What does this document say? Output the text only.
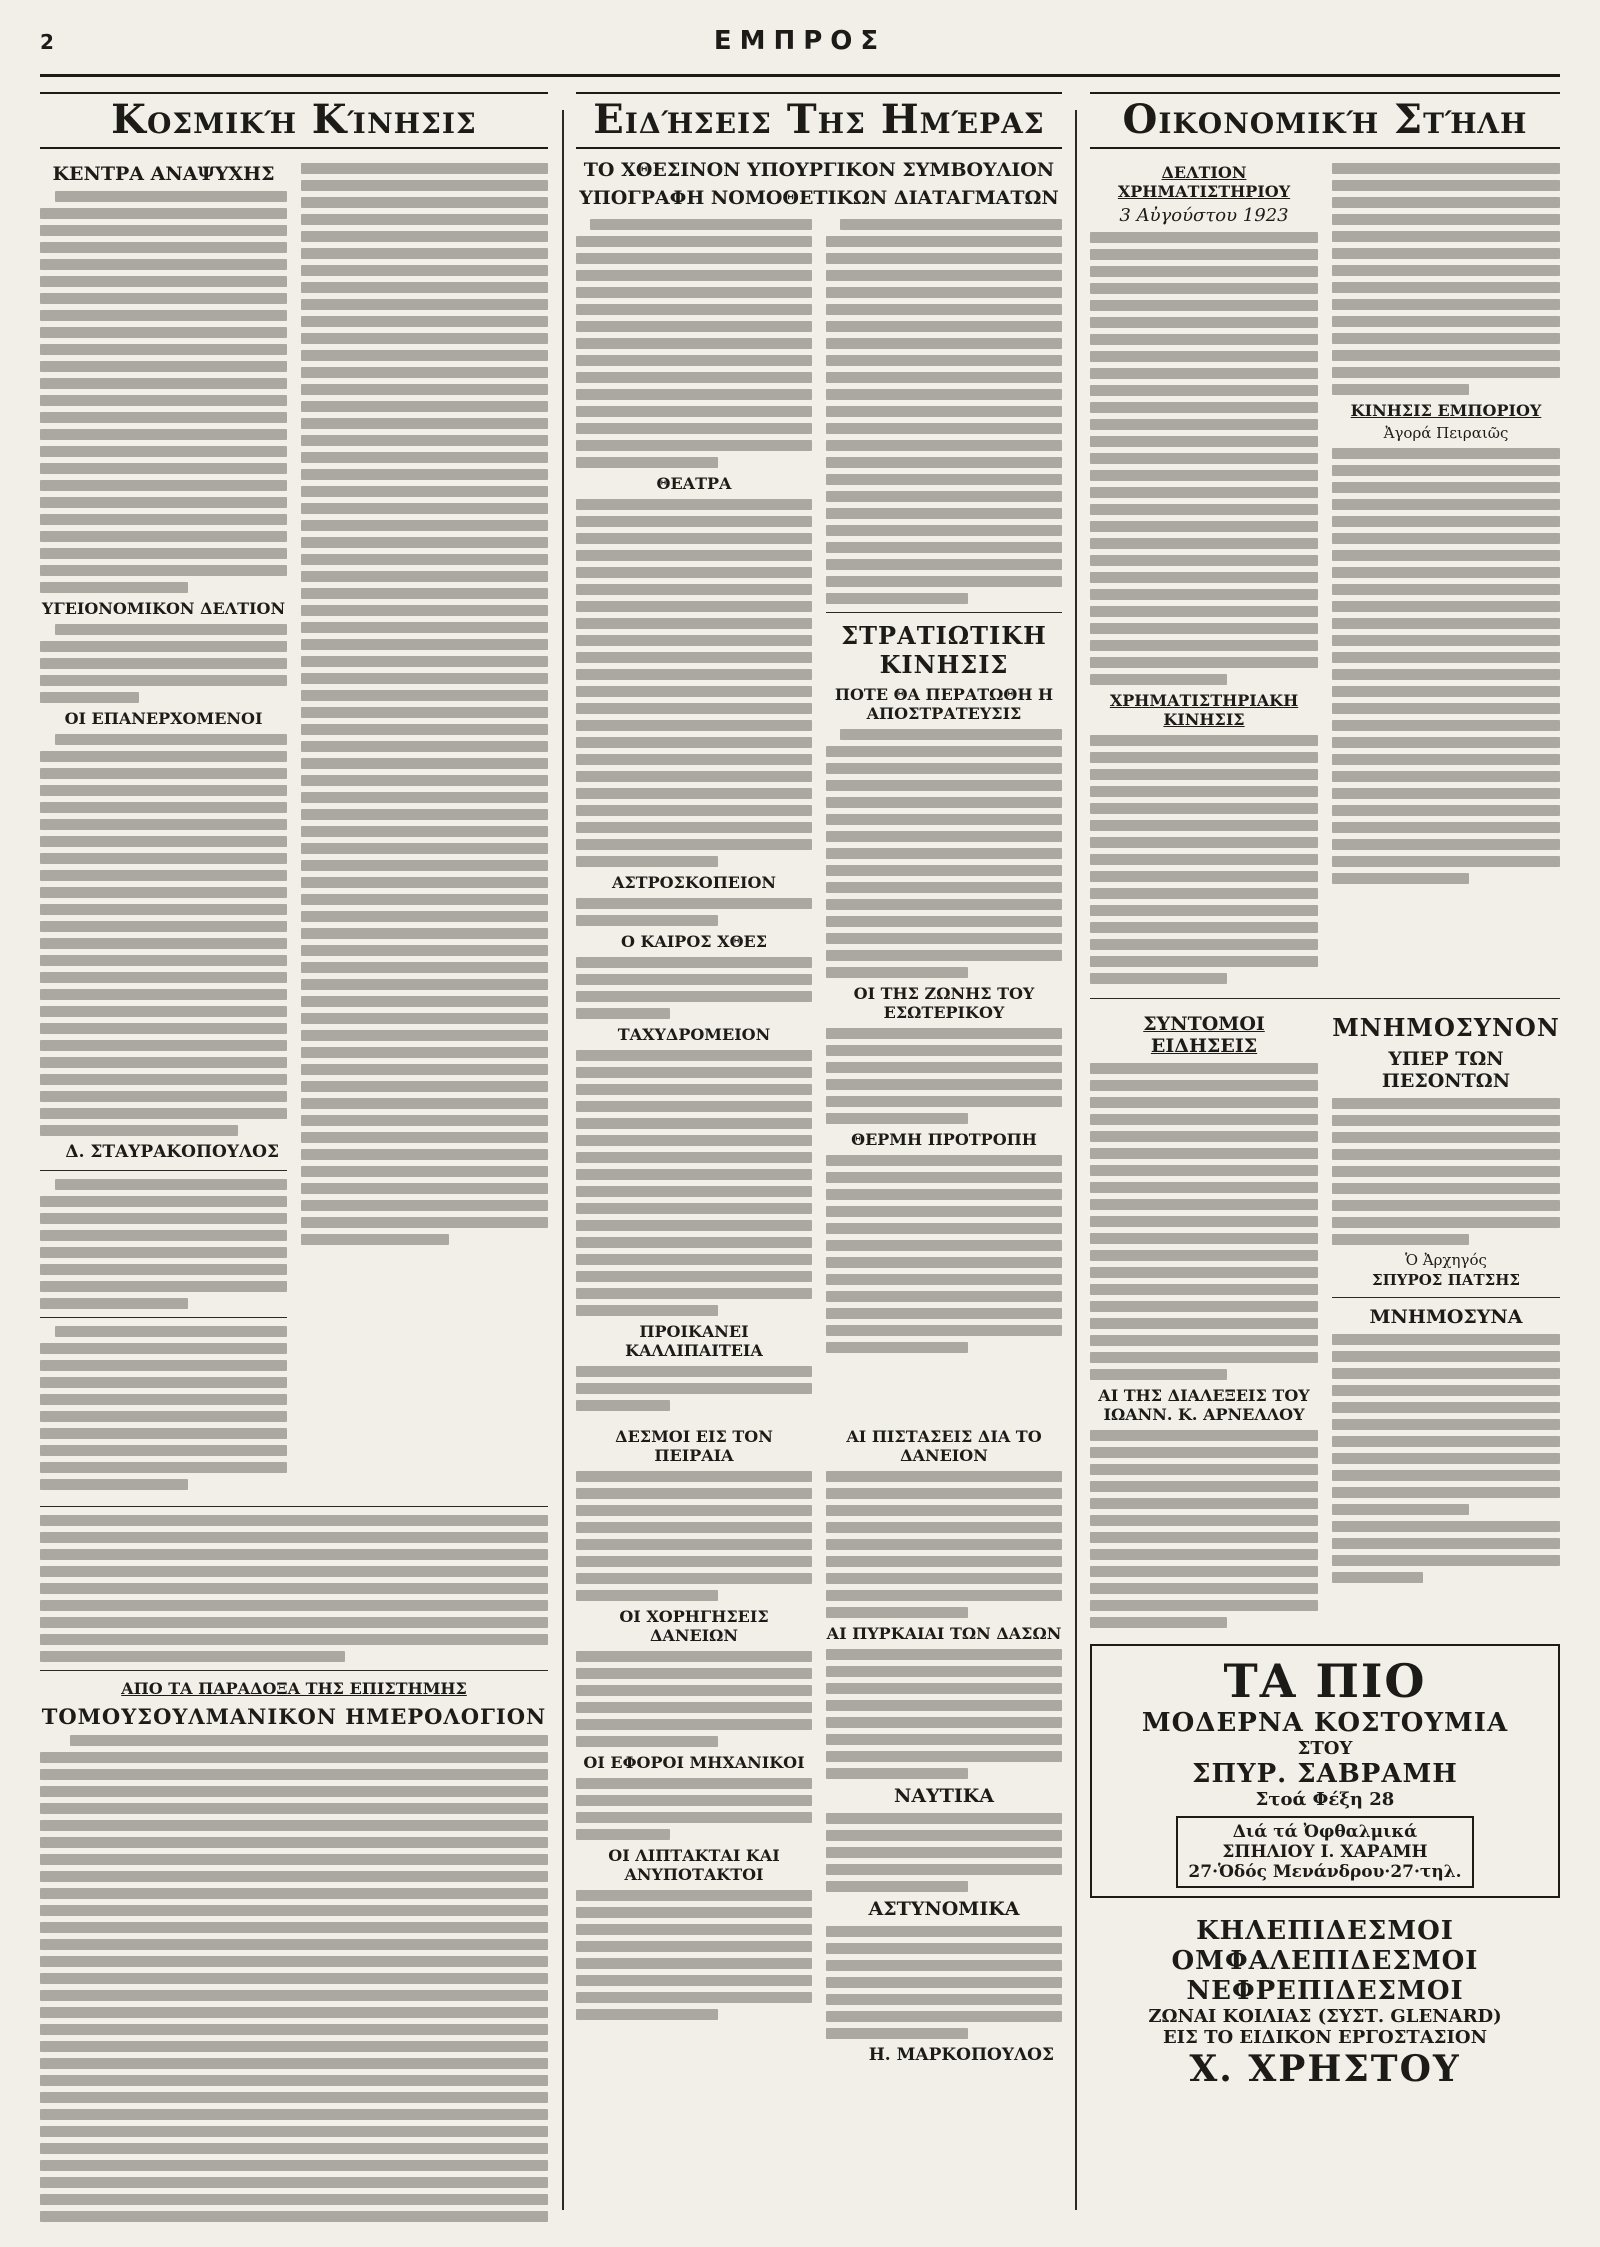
2	ΕΜΠΡΟΣ
Κοσμική Κίνησις
ΚΕΝΤΡΑ ΑΝΑΨΥΧΗΣ
ΥΓΕΙΟΝΟΜΙΚΟΝ ΔΕΛΤΙΟΝ
ΟΙ ΕΠΑΝΕΡΧΟΜΕΝΟΙ
Δ. ΣΤΑΥΡΑΚΟΠΟΥΛΟΣ
ΑΠΟ ΤΑ ΠΑΡΑΔΟΞΑ ΤΗΣ ΕΠΙΣΤΗΜΗΣ
ΤΟΜΟΥΣΟΥΛΜΑΝΙΚΟΝ ΗΜΕΡΟΛΟΓΙΟΝ
Ειδήσεις Της Ημέρας
ΤΟ ΧΘΕΣΙΝΟΝ ΥΠΟΥΡΓΙΚΟΝ ΣΥΜΒΟΥΛΙΟΝ
ΥΠΟΓΡΑΦΗ ΝΟΜΟΘΕΤΙΚΩΝ ΔΙΑΤΑΓΜΑΤΩΝ
ΘΕΑΤΡΑ
ΑΣΤΡΟΣΚΟΠΕΙΟΝ
Ο ΚΑΙΡΟΣ ΧΘΕΣ
ΤΑΧΥΔΡΟΜΕΙΟΝ
ΠΡΟΙΚΑΝΕΙ ΚΑΛΛΙΠΑΙΤΕΙΑ
ΣΤΡΑΤΙΩΤΙΚΗ ΚΙΝΗΣΙΣ
ΠΟΤΕ ΘΑ ΠΕΡΑΤΩΘΗ Η ΑΠΟΣΤΡΑΤΕΥΣΙΣ
ΟΙ ΤΗΣ ΖΩΝΗΣ ΤΟΥ ΕΣΩΤΕΡΙΚΟΥ
ΘΕΡΜΗ ΠΡΟΤΡΟΠΗ
ΔΕΣΜΟΙ ΕΙΣ ΤΟΝ ΠΕΙΡΑΙΑ
ΟΙ ΧΟΡΗΓΗΣΕΙΣ ΔΑΝΕΙΩΝ
ΟΙ ΕΦΟΡΟΙ ΜΗΧΑΝΙΚΟΙ
ΟΙ ΛΙΠΤΑΚΤΑΙ ΚΑΙ ΑΝΥΠΟΤΑΚΤΟΙ
ΑΙ ΠΙΣΤΑΣΕΙΣ ΔΙΑ ΤΟ ΔΑΝΕΙΟΝ
ΑΙ ΠΥΡΚΑΙΑΙ ΤΩΝ ΔΑΣΩΝ
ΝΑΥΤΙΚΑ
ΑΣΤΥΝΟΜΙΚΑ
Η. ΜΑΡΚΟΠΟΥΛΟΣ
Οικονομική Στήλη
ΔΕΛΤΙΟΝ ΧΡΗΜΑΤΙΣΤΗΡΙΟΥ
3 Αὐγούστου 1923
ΧΡΗΜΑΤΙΣΤΗΡΙΑΚΗ ΚΙΝΗΣΙΣ
ΚΙΝΗΣΙΣ ΕΜΠΟΡΙΟΥ
Ἀγορά Πειραιῶς
ΣΥΝΤΟΜΟΙ ΕΙΔΗΣΕΙΣ
ΑΙ ΤΗΣ ΔΙΑΛΕΞΕΙΣ ΤΟΥ ΙΩΑΝΝ. Κ. ΑΡΝΕΛΛΟΥ
ΜΝΗΜΟΣΥΝΟΝ
ΥΠΕΡ ΤΩΝ ΠΕΣΟΝΤΩΝ
Ὁ Ἀρχηγός
ΣΠΥΡΟΣ ΠΑΤΣΗΣ
ΜΝΗΜΟΣΥΝΑ
ΤΑ ΠΙΟ
ΜΟΔΕΡΝΑ ΚΟΣΤΟΥΜΙΑ
ΣΤΟΥ
ΣΠΥΡ. ΣΑΒΡΑΜΗ
Στοά Φέξη 28
Διά τά Ὀφθαλμικά
ΣΠΗΛΙΟΥ Ι. ΧΑΡΑΜΗ
27·Ὁδός Μενάνδρου·27·τηλ.
ΚΗΛΕΠΙΔΕΣΜΟΙ
ΟΜΦΑΛΕΠΙΔΕΣΜΟΙ
ΝΕΦΡΕΠΙΔΕΣΜΟΙ
ΖΩΝΑΙ ΚΟΙΛΙΑΣ (ΣΥΣΤ. GLENARD)
ΕΙΣ ΤΟ ΕΙΔΙΚΟΝ ΕΡΓΟΣΤΑΣΙΟΝ
Χ. ΧΡΗΣΤΟΥ
